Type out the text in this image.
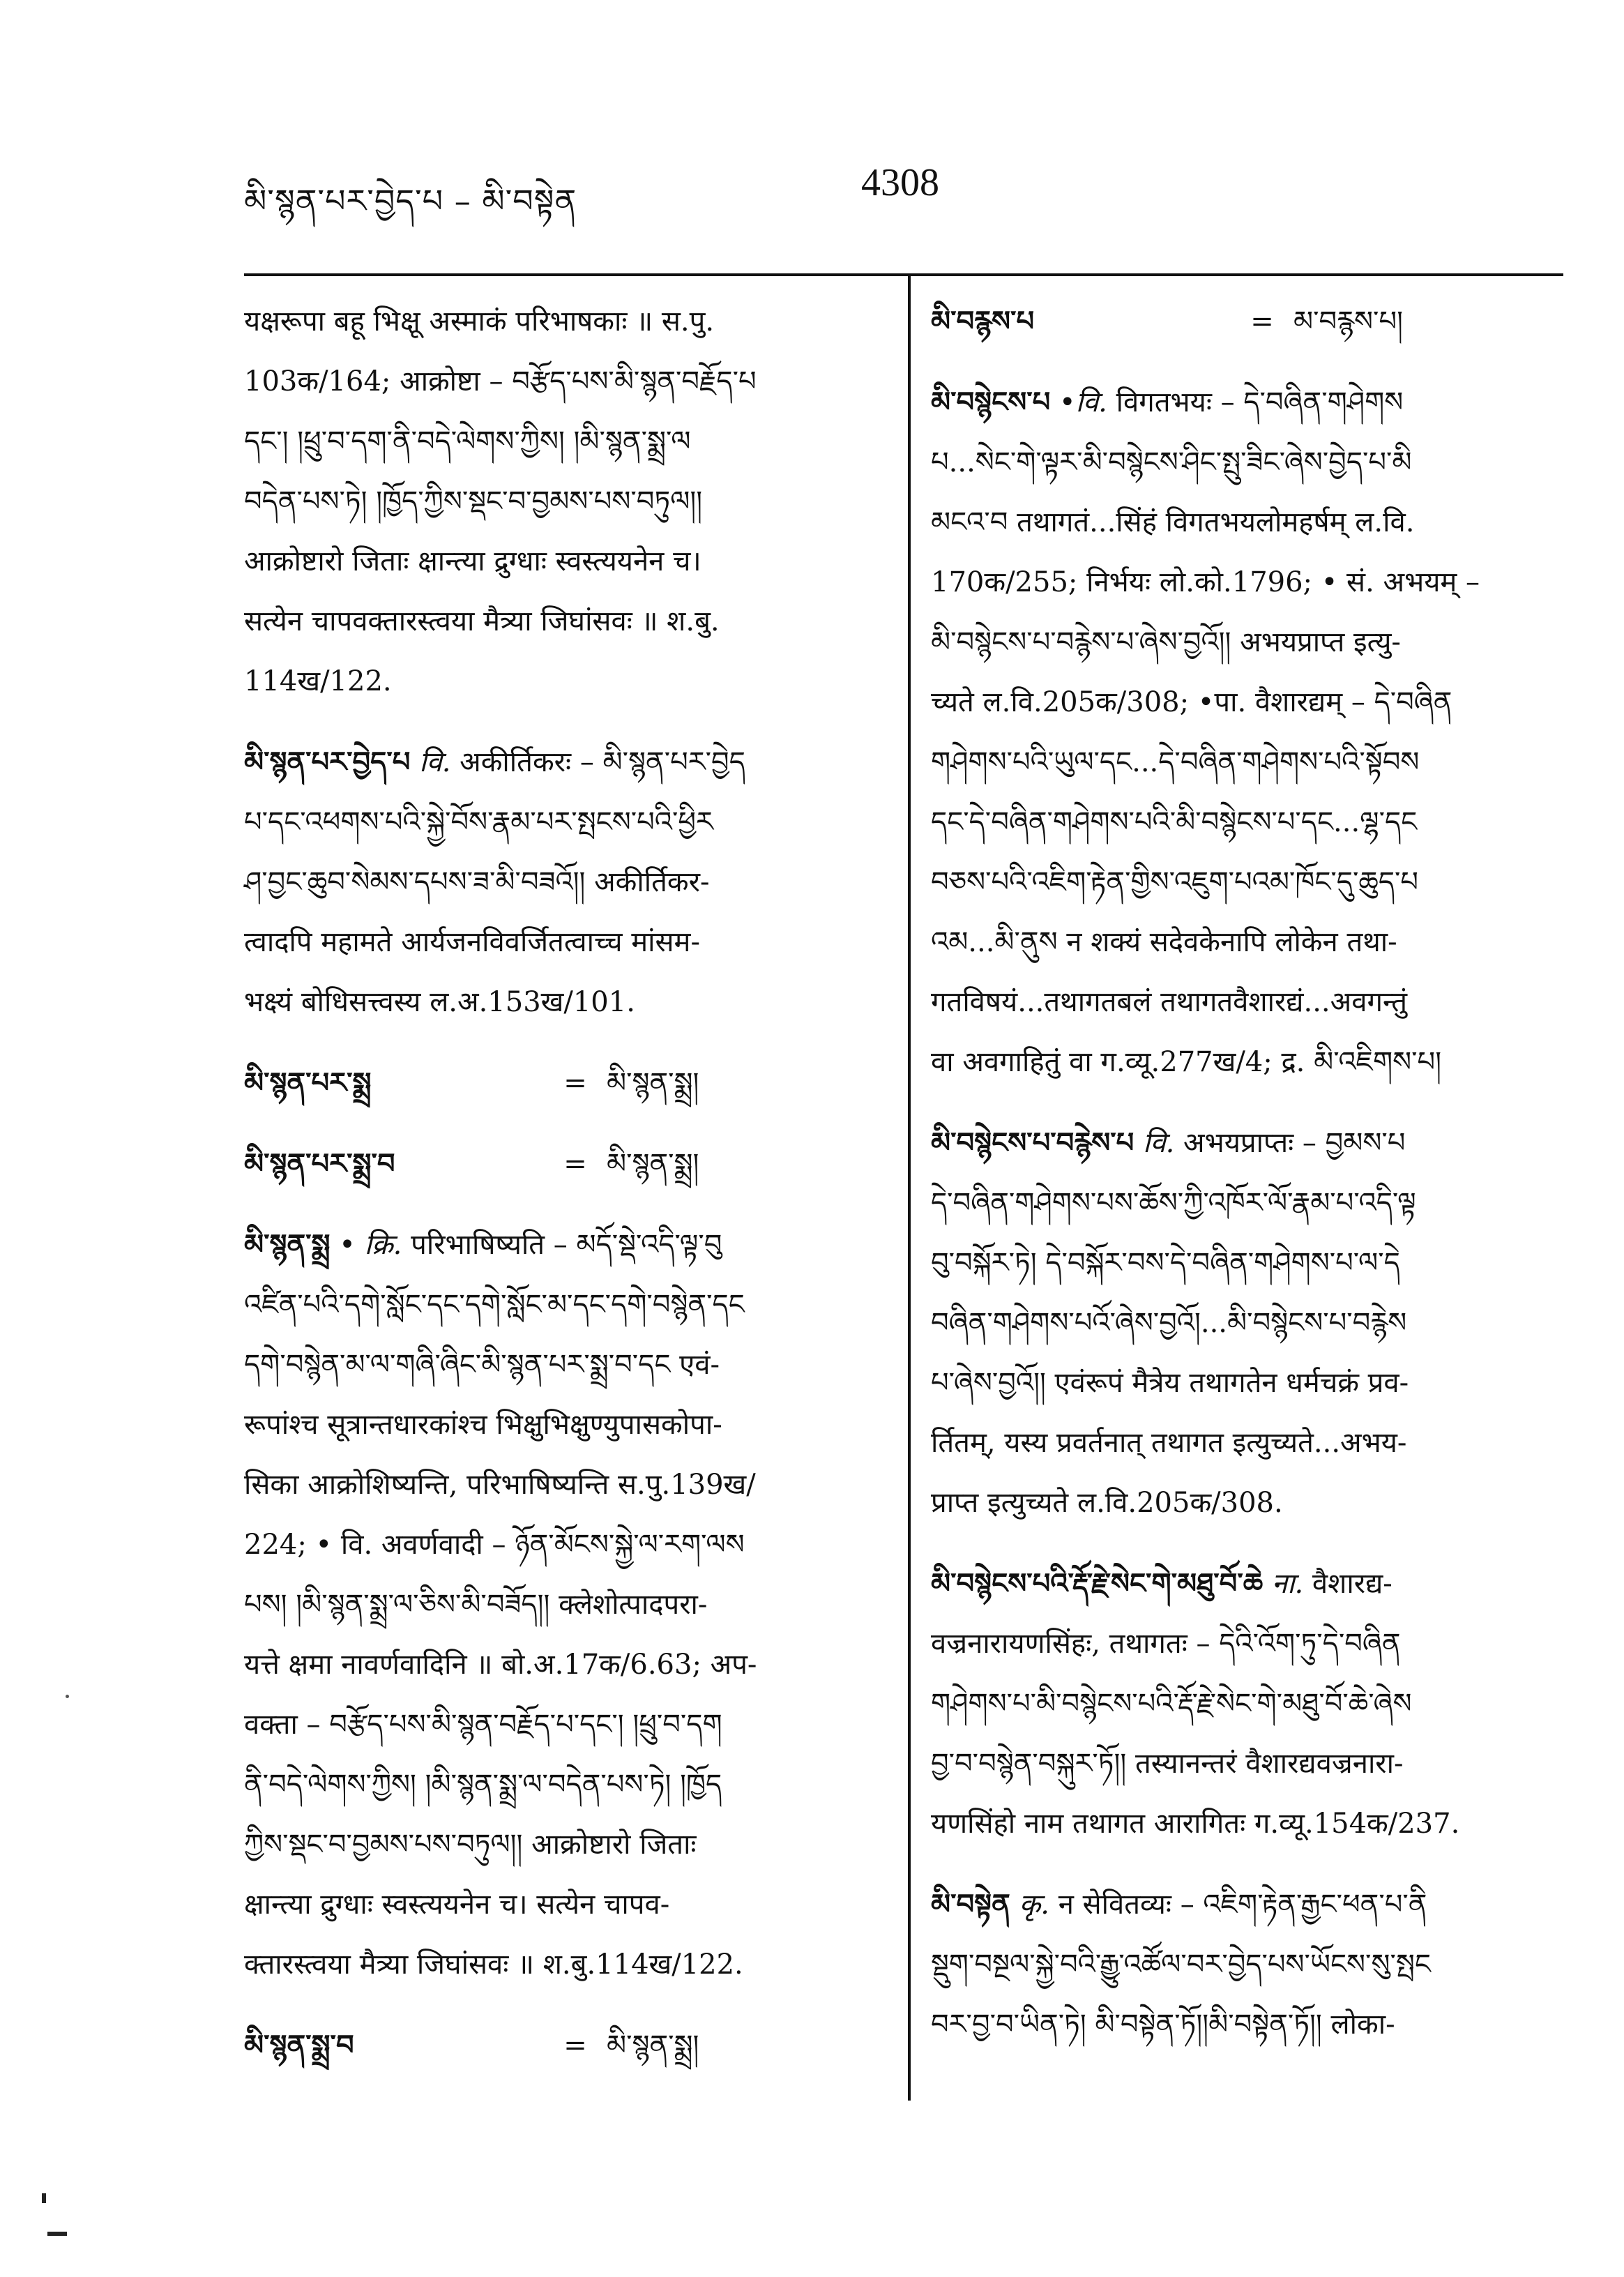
མི་སྙན་པར་བྱེད་པ – མི་བསྟེན	4308
यक्षरूपा बहू भिक्षू अस्माकं परिभाषकाः ॥ स.पु.
103क/164; आक्रोष्टा – བརྩོད་པས་མི་སྙན་བརྗོད་པ
དང་། །ཕྲུ་བ་དག་ནི་བདེ་ལེགས་ཀྱིས། །མི་སྙན་སྨྲ་ལ
བདེན་པས་ཏེ། །ཁྱོད་ཀྱིས་སྡང་བ་བྱམས་པས་བཏུལ།།
आक्रोष्टारो जिताः क्षान्त्या द्रुग्धाः स्वस्त्ययनेन च।
सत्येन चापवक्तारस्त्वया मैत्र्या जिघांसवः ॥ श.बु.
114ख/122.
མི་སྙན་པར་བྱེད་པ वि. अकीर्तिकरः – མི་སྙན་པར་བྱེད
པ་དང་འཕགས་པའི་སྐྱེ་བོས་རྣམ་པར་སྤངས་པའི་ཕྱིར
ཤ་བྱང་ཆུབ་སེམས་དཔས་ཟ་མི་བཟའོ།། अकीर्तिकर-
त्वादपि महामते आर्यजनविवर्जितत्वाच्च मांसम-
भक्ष्यं बोधिसत्त्वस्य ल.अ.153ख/101.
མི་སྙན་པར་སྨྲ	= མི་སྙན་སྨྲ།
མི་སྙན་པར་སྨྲ་བ	= མི་སྙན་སྨྲ།
མི་སྙན་སྨྲ • क्रि. परिभाषिष्यति – མདོ་སྡེ་འདི་ལྟ་བུ
འཛིན་པའི་དགེ་སློང་དང་དགེ་སློང་མ་དང་དགེ་བསྙེན་དང
དགེ་བསྙེན་མ་ལ་གཞི་ཞིང་མི་སྙན་པར་སྨྲ་བ་དང एवं-
रूपांश्च सूत्रान्तधारकांश्च भिक्षुभिक्षुण्युपासकोपा-
सिका आक्रोशिष्यन्ति, परिभाषिष्यन्ति स.पु.139ख/
224; • वि. अवर्णवादी – ཉོན་མོངས་སྐྱེ་ལ་རག་ལས
པས། །མི་སྙན་སྨྲ་ལ་ཅིས་མི་བཟོད།། क्लेशोत्पादपरा-
यत्ते क्षमा नावर्णवादिनि ॥ बो.अ.17क/6.63; अप-
वक्ता – བརྩོད་པས་མི་སྙན་བརྗོད་པ་དང་། །ཕྲུ་བ་དག
ནི་བདེ་ལེགས་ཀྱིས། །མི་སྙན་སྨྲ་ལ་བདེན་པས་ཏེ། །ཁྱོད
ཀྱིས་སྡང་བ་བྱམས་པས་བཏུལ།། आक्रोष्टारो जिताः
क्षान्त्या द्रुग्धाः स्वस्त्ययनेन च। सत्येन चापव-
क्तारस्त्वया मैत्र्या जिघांसवः ॥ श.बु.114ख/122.
མི་སྙན་སྨྲ་བ	= མི་སྙན་སྨྲ།
མི་བརྙས་པ	= མ་བརྙས་པ།
མི་བསྙེངས་པ •वि. विगतभयः – དེ་བཞིན་གཤེགས
པ...སེང་གེ་ལྟར་མི་བསྙེངས་ཤིང་སྤུ་ཟིང་ཞེས་བྱེད་པ་མི
མངའ་བ तथागतं...सिंहं विगतभयलोमहर्षम् ल.वि.
170क/255; निर्भयः लो.को.1796; • सं. अभयम् –
མི་བསྙེངས་པ་བརྙེས་པ་ཞེས་བྱའོ།། अभयप्राप्त इत्यु-
च्यते ल.वि.205क/308; •पा. वैशारद्यम् – དེ་བཞིན
གཤེགས་པའི་ཡུལ་དང...དེ་བཞིན་གཤེགས་པའི་སྟོབས
དང་དེ་བཞིན་གཤེགས་པའི་མི་བསྙེངས་པ་དང...ལྷ་དང
བཅས་པའི་འཇིག་རྟེན་གྱིས་འཇུག་པའམ་ཁོང་དུ་ཆུད་པ
འམ...མི་ནུས न शक्यं सदेवकेनापि लोकेन तथा-
गतविषयं...तथागतबलं तथागतवैशारद्यं...अवगन्तुं
वा अवगाहितुं वा ग.व्यू.277ख/4; द्र. མི་འཇིགས་པ།
མི་བསྙེངས་པ་བརྙེས་པ वि. अभयप्राप्तः – བྱམས་པ
དེ་བཞིན་གཤེགས་པས་ཆོས་ཀྱི་འཁོར་ལོ་རྣམ་པ་འདི་ལྟ
བུ་བསྐོར་ཏེ། དེ་བསྐོར་བས་དེ་བཞིན་གཤེགས་པ་ལ་དེ
བཞིན་གཤེགས་པའོ་ཞེས་བྱའོ།...མི་བསྙེངས་པ་བརྙེས
པ་ཞེས་བྱའོ།། एवंरूपं मैत्रेय तथागतेन धर्मचक्रं प्रव-
र्तितम्, यस्य प्रवर्तनात् तथागत इत्युच्यते...अभय-
प्राप्त इत्युच्यते ल.वि.205क/308.
མི་བསྙེངས་པའི་རྡོ་རྗེ་སེང་གེ་མཐུ་བོ་ཆེ ना. वैशारद्य-
वज्रनारायणसिंहः, तथागतः – དེའི་འོག་ཏུ་དེ་བཞིན
གཤེགས་པ་མི་བསྙེངས་པའི་རྡོ་རྗེ་སེང་གེ་མཐུ་བོ་ཆེ་ཞེས
བྱ་བ་བསྙེན་བསྐུར་ཏོ།། तस्यानन्तरं वैशारद्यवज्रनारा-
यणसिंहो नाम तथागत आरागितः ग.व्यू.154क/237.
མི་བསྟེན कृ. न सेवितव्यः – འཇིག་རྟེན་རྒྱང་ཕན་པ་ནི
སྡུག་བསྔལ་སྐྱེ་བའི་རྒྱུ་འཚོལ་བར་བྱེད་པས་ཡོངས་སུ་སྤང
བར་བྱ་བ་ཡིན་ཏེ། མི་བསྟེན་ཏོ།།མི་བསྟེན་ཏོ།། लोका-
